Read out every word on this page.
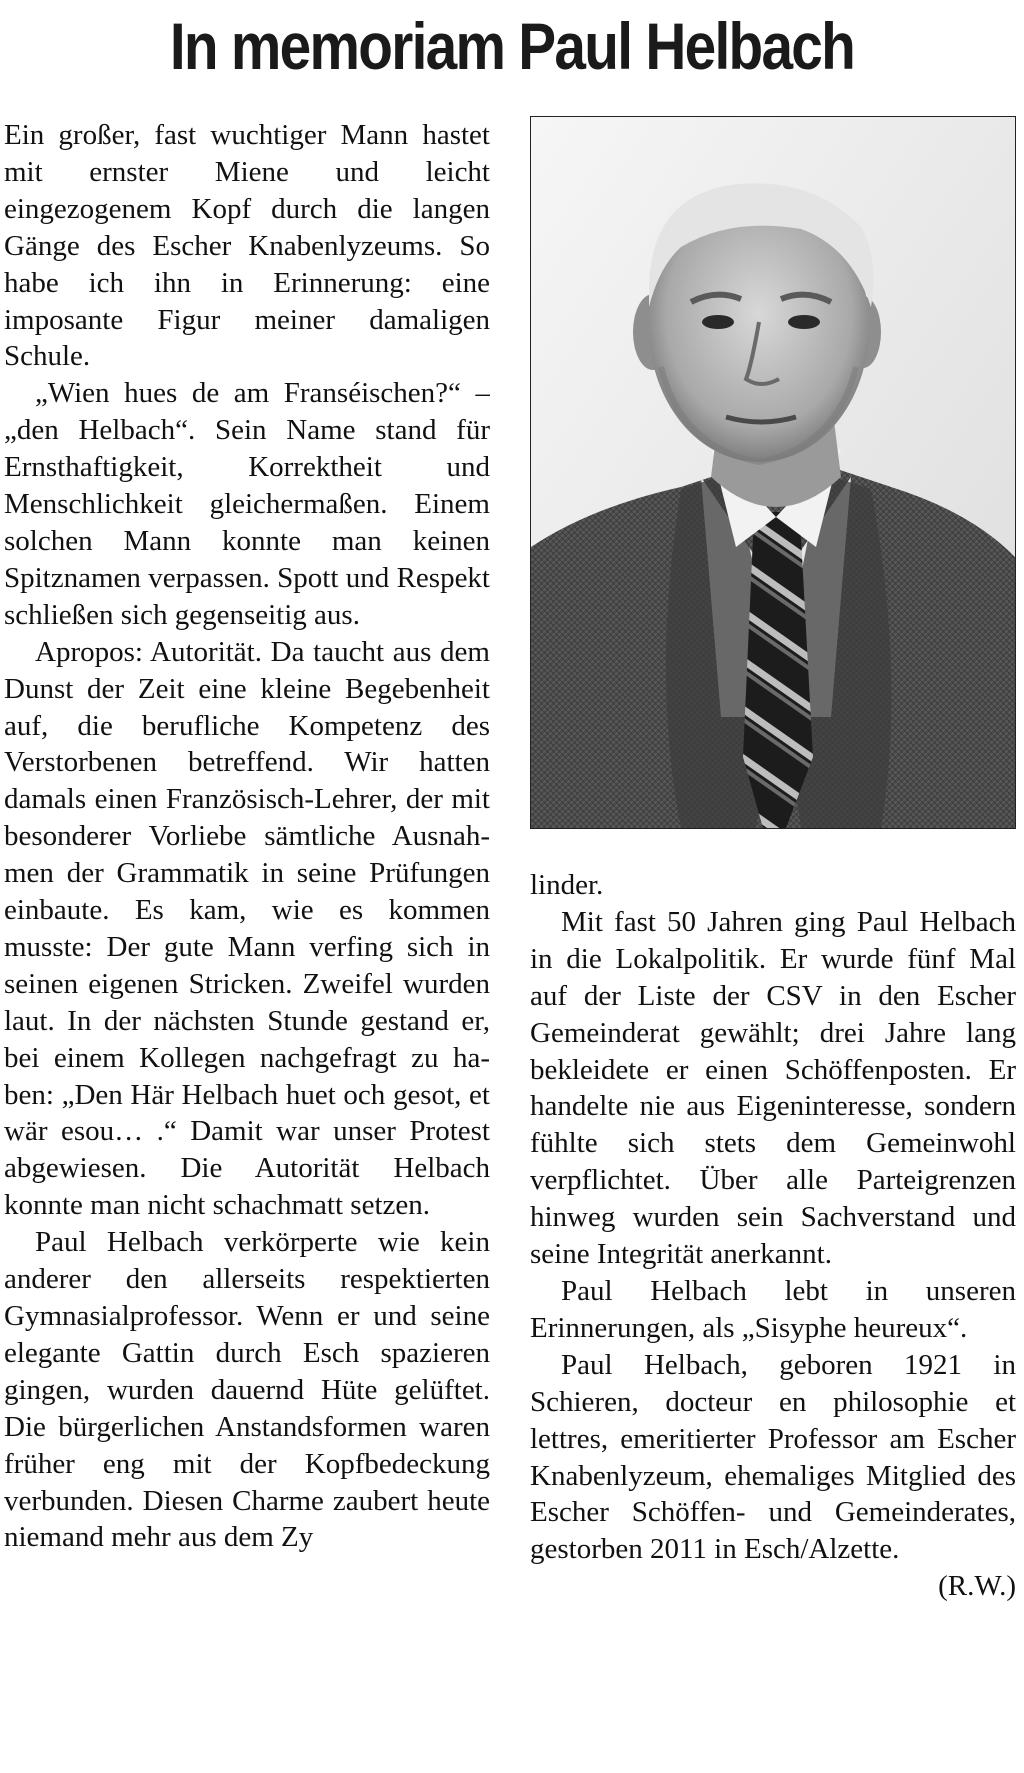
In memoriam Paul Helbach

Ein großer, fast wuchtiger Mann hastet mit ernster Miene und leicht eingezogenem Kopf durch die langen Gänge des Escher Knabenlyzeums. So habe ich ihn in Erinnerung: eine imposante Figur meiner damaligen Schule.

„Wien hues de am Franséischen?“ – „den Helbach“. Sein Name stand für Ernsthaftigkeit, Korrektheit und Menschlichkeit gleichermaßen. Einem solchen Mann konnte man keinen Spitznamen verpassen. Spott und Respekt schließen sich gegenseitig aus.

Apropos: Autorität. Da taucht aus dem Dunst der Zeit eine kleine Begebenheit auf, die berufliche Kompetenz des Verstorbenen betreffend. Wir hatten damals einen Französisch-Lehrer, der mit besonderer Vorliebe sämtliche Ausnahmen der Grammatik in seine Prüfungen einbaute. Es kam, wie es kommen musste: Der gute Mann verfing sich in seinen eigenen Stricken. Zweifel wurden laut. In der nächsten Stunde gestand er, bei einem Kollegen nachgefragt zu haben: „Den Här Helbach huet och gesot, et wär esou… .“ Damit war unser Protest abgewiesen. Die Autorität Helbach konnte man nicht schachmatt setzen.

Paul Helbach verkörperte wie kein anderer den allerseits respektierten Gymnasialprofessor. Wenn er und seine elegante Gattin durch Esch spazieren gingen, wurden dauernd Hüte gelüftet. Die bürgerlichen Anstandsformen waren früher eng mit der Kopfbedeckung verbunden. Diesen Charme zaubert heute niemand mehr aus dem Zy

linder.

Mit fast 50 Jahren ging Paul Helbach in die Lokalpolitik. Er wurde fünf Mal auf der Liste der CSV in den Escher Gemeinderat gewählt; drei Jahre lang bekleidete er einen Schöffenposten. Er handelte nie aus Eigeninteresse, sondern fühlte sich stets dem Gemeinwohl verpflichtet. Über alle Parteigrenzen hinweg wurden sein Sachverstand und seine Integrität anerkannt.

Paul Helbach lebt in unseren Erinnerungen, als „Sisyphe heureux“.

Paul Helbach, geboren 1921 in Schieren, docteur en philosophie et lettres, emeritierter Professor am Escher Knabenlyzeum, ehemaliges Mitglied des Escher Schöffen- und Gemeinderates, gestorben 2011 in Esch/Alzette.

(R.W.)
